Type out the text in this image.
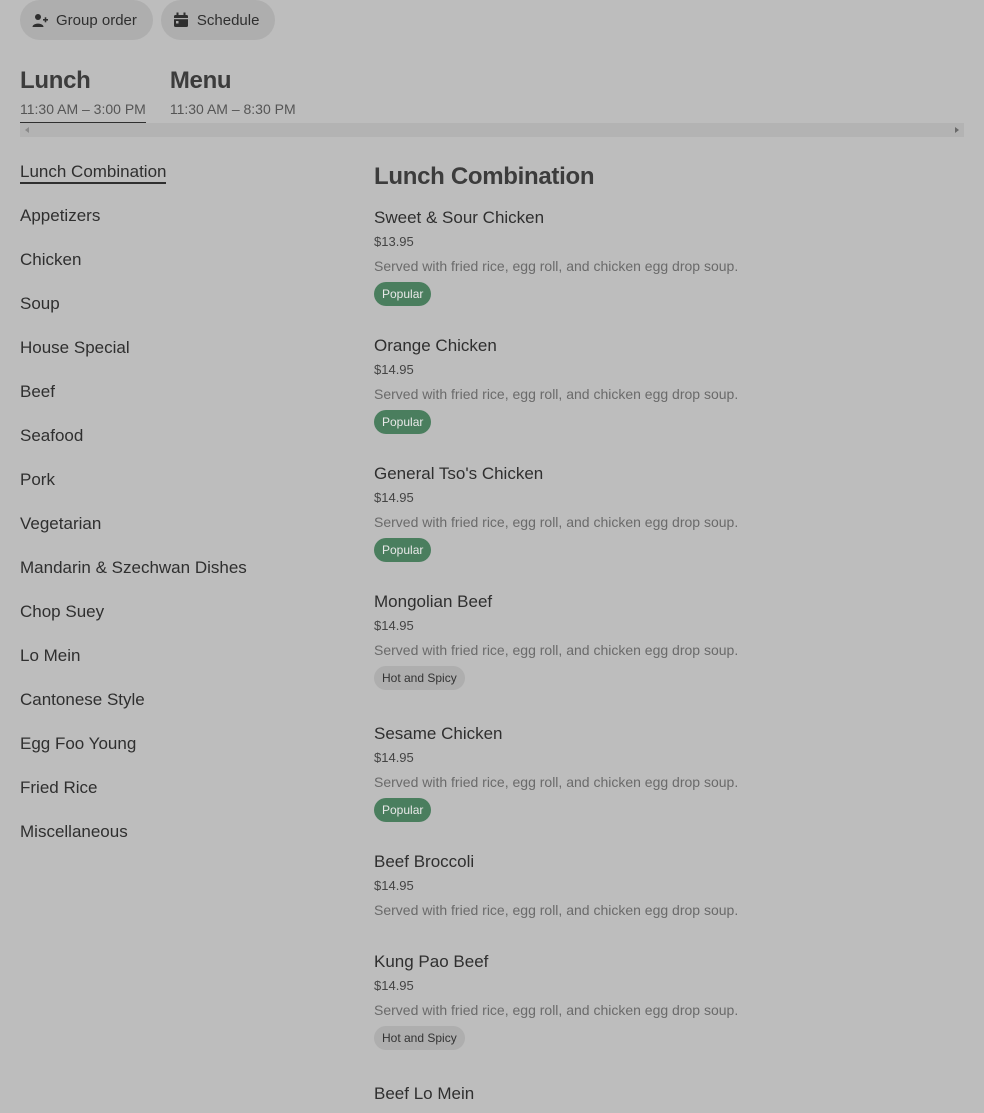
Group order	Schedule
Lunch
11:30 AM – 3:00 PM
Menu
11:30 AM – 8:30 PM
Lunch Combination
Appetizers
Chicken
Soup
House Special
Beef
Seafood
Pork
Vegetarian
Mandarin & Szechwan Dishes
Chop Suey
Lo Mein
Cantonese Style
Egg Foo Young
Fried Rice
Miscellaneous
Lunch Combination
Sweet & Sour Chicken
$13.95
Served with fried rice, egg roll, and chicken egg drop soup.
Popular
Orange Chicken
$14.95
Served with fried rice, egg roll, and chicken egg drop soup.
Popular
General Tso's Chicken
$14.95
Served with fried rice, egg roll, and chicken egg drop soup.
Popular
Mongolian Beef
$14.95
Served with fried rice, egg roll, and chicken egg drop soup.
Hot and Spicy
Sesame Chicken
$14.95
Served with fried rice, egg roll, and chicken egg drop soup.
Popular
Beef Broccoli
$14.95
Served with fried rice, egg roll, and chicken egg drop soup.
Kung Pao Beef
$14.95
Served with fried rice, egg roll, and chicken egg drop soup.
Hot and Spicy
Beef Lo Mein
